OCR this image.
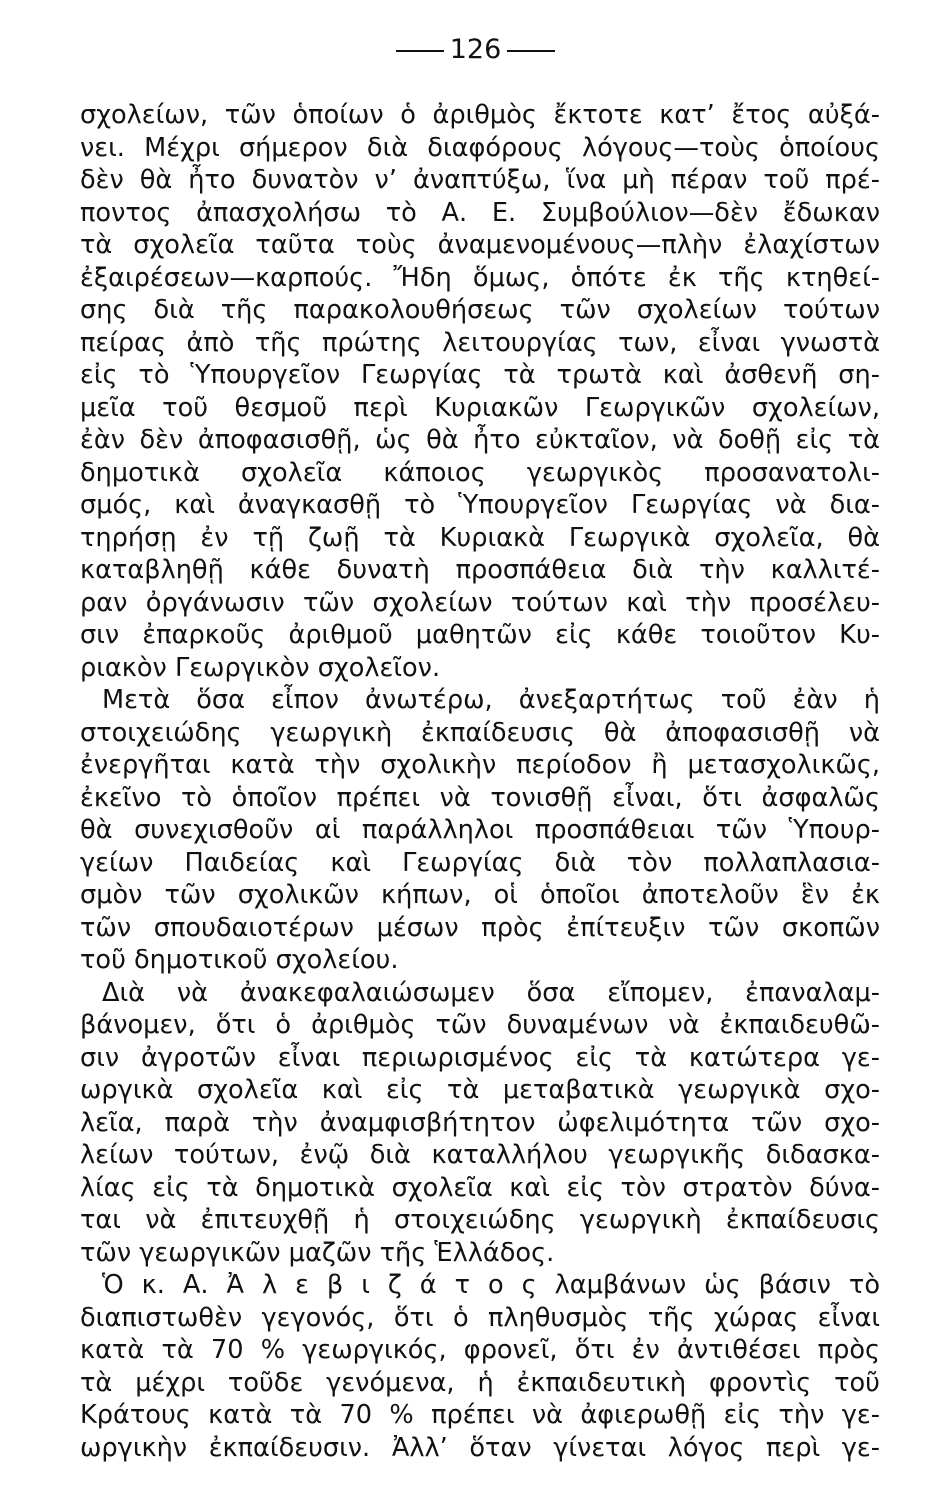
126
σχολείων, τῶν ὁποίων ὁ ἀριθμὸς ἔκτοτε κατ’ ἔτος αὐξά-
νει. Μέχρι σήμερον διὰ διαφόρους λόγους—τοὺς ὁποίους
δὲν θὰ ἦτο δυνατὸν ν’ ἀναπτύξω, ἵνα μὴ πέραν τοῦ πρέ-
ποντος ἀπασχολήσω τὸ Α. Ε. Συμβούλιον—δὲν ἔδωκαν
τὰ σχολεῖα ταῦτα τοὺς ἀναμενομένους—πλὴν ἐλαχίστων
ἐξαιρέσεων—καρπούς. Ἤδη ὅμως, ὁπότε ἐκ τῆς κτηθεί-
σης διὰ τῆς παρακολουθήσεως τῶν σχολείων τούτων
πείρας ἀπὸ τῆς πρώτης λειτουργίας των, εἶναι γνωστὰ
εἰς τὸ Ὑπουργεῖον Γεωργίας τὰ τρωτὰ καὶ ἀσθενῆ ση-
μεῖα τοῦ θεσμοῦ περὶ Κυριακῶν Γεωργικῶν σχολείων,
ἐὰν δὲν ἀποφασισθῇ, ὡς θὰ ἦτο εὐκταῖον, νὰ δοθῇ εἰς τὰ
δημοτικὰ σχολεῖα κάποιος γεωργικὸς προσανατολι-
σμός, καὶ ἀναγκασθῇ τὸ Ὑπουργεῖον Γεωργίας νὰ δια-
τηρήσῃ ἐν τῇ ζωῇ τὰ Κυριακὰ Γεωργικὰ σχολεῖα, θὰ
καταβληθῇ κάθε δυνατὴ προσπάθεια διὰ τὴν καλλιτέ-
ραν ὀργάνωσιν τῶν σχολείων τούτων καὶ τὴν προσέλευ-
σιν ἐπαρκοῦς ἀριθμοῦ μαθητῶν εἰς κάθε τοιοῦτον Κυ-
ριακὸν Γεωργικὸν σχολεῖον.
Μετὰ ὅσα εἶπον ἀνωτέρω, ἀνεξαρτήτως τοῦ ἐὰν ἡ
στοιχειώδης γεωργικὴ ἐκπαίδευσις θὰ ἀποφασισθῇ νὰ
ἐνεργῆται κατὰ τὴν σχολικὴν περίοδον ἢ μετασχολικῶς,
ἐκεῖνο τὸ ὁποῖον πρέπει νὰ τονισθῇ εἶναι, ὅτι ἀσφαλῶς
θὰ συνεχισθοῦν αἱ παράλληλοι προσπάθειαι τῶν Ὑπουρ-
γείων Παιδείας καὶ Γεωργίας διὰ τὸν πολλαπλασια-
σμὸν τῶν σχολικῶν κήπων, οἱ ὁποῖοι ἀποτελοῦν ἓν ἐκ
τῶν σπουδαιοτέρων μέσων πρὸς ἐπίτευξιν τῶν σκοπῶν
τοῦ δημοτικοῦ σχολείου.
Διὰ νὰ ἀνακεφαλαιώσωμεν ὅσα εἴπομεν, ἐπαναλαμ-
βάνομεν, ὅτι ὁ ἀριθμὸς τῶν δυναμένων νὰ ἐκπαιδευθῶ-
σιν ἀγροτῶν εἶναι περιωρισμένος εἰς τὰ κατώτερα γε-
ωργικὰ σχολεῖα καὶ εἰς τὰ μεταβατικὰ γεωργικὰ σχο-
λεῖα, παρὰ τὴν ἀναμφισβήτητον ὠφελιμότητα τῶν σχο-
λείων τούτων, ἐνῷ διὰ καταλλήλου γεωργικῆς διδασκα-
λίας εἰς τὰ δημοτικὰ σχολεῖα καὶ εἰς τὸν στρατὸν δύνα-
ται νὰ ἐπιτευχθῇ ἡ στοιχειώδης γεωργικὴ ἐκπαίδευσις
τῶν γεωργικῶν μαζῶν τῆς Ἑλλάδος.
Ὁ κ. Α. Ἀ λ ε β ι ζ ά τ ο ς λαμβάνων ὡς βάσιν τὸ
διαπιστωθὲν γεγονός, ὅτι ὁ πληθυσμὸς τῆς χώρας εἶναι
κατὰ τὰ 70 % γεωργικός, φρονεῖ, ὅτι ἐν ἀντιθέσει πρὸς
τὰ μέχρι τοῦδε γενόμενα, ἡ ἐκπαιδευτικὴ φροντὶς τοῦ
Κράτους κατὰ τὰ 70 % πρέπει νὰ ἀφιερωθῇ εἰς τὴν γε-
ωργικὴν ἐκπαίδευσιν. Ἀλλ’ ὅταν γίνεται λόγος περὶ γε-
